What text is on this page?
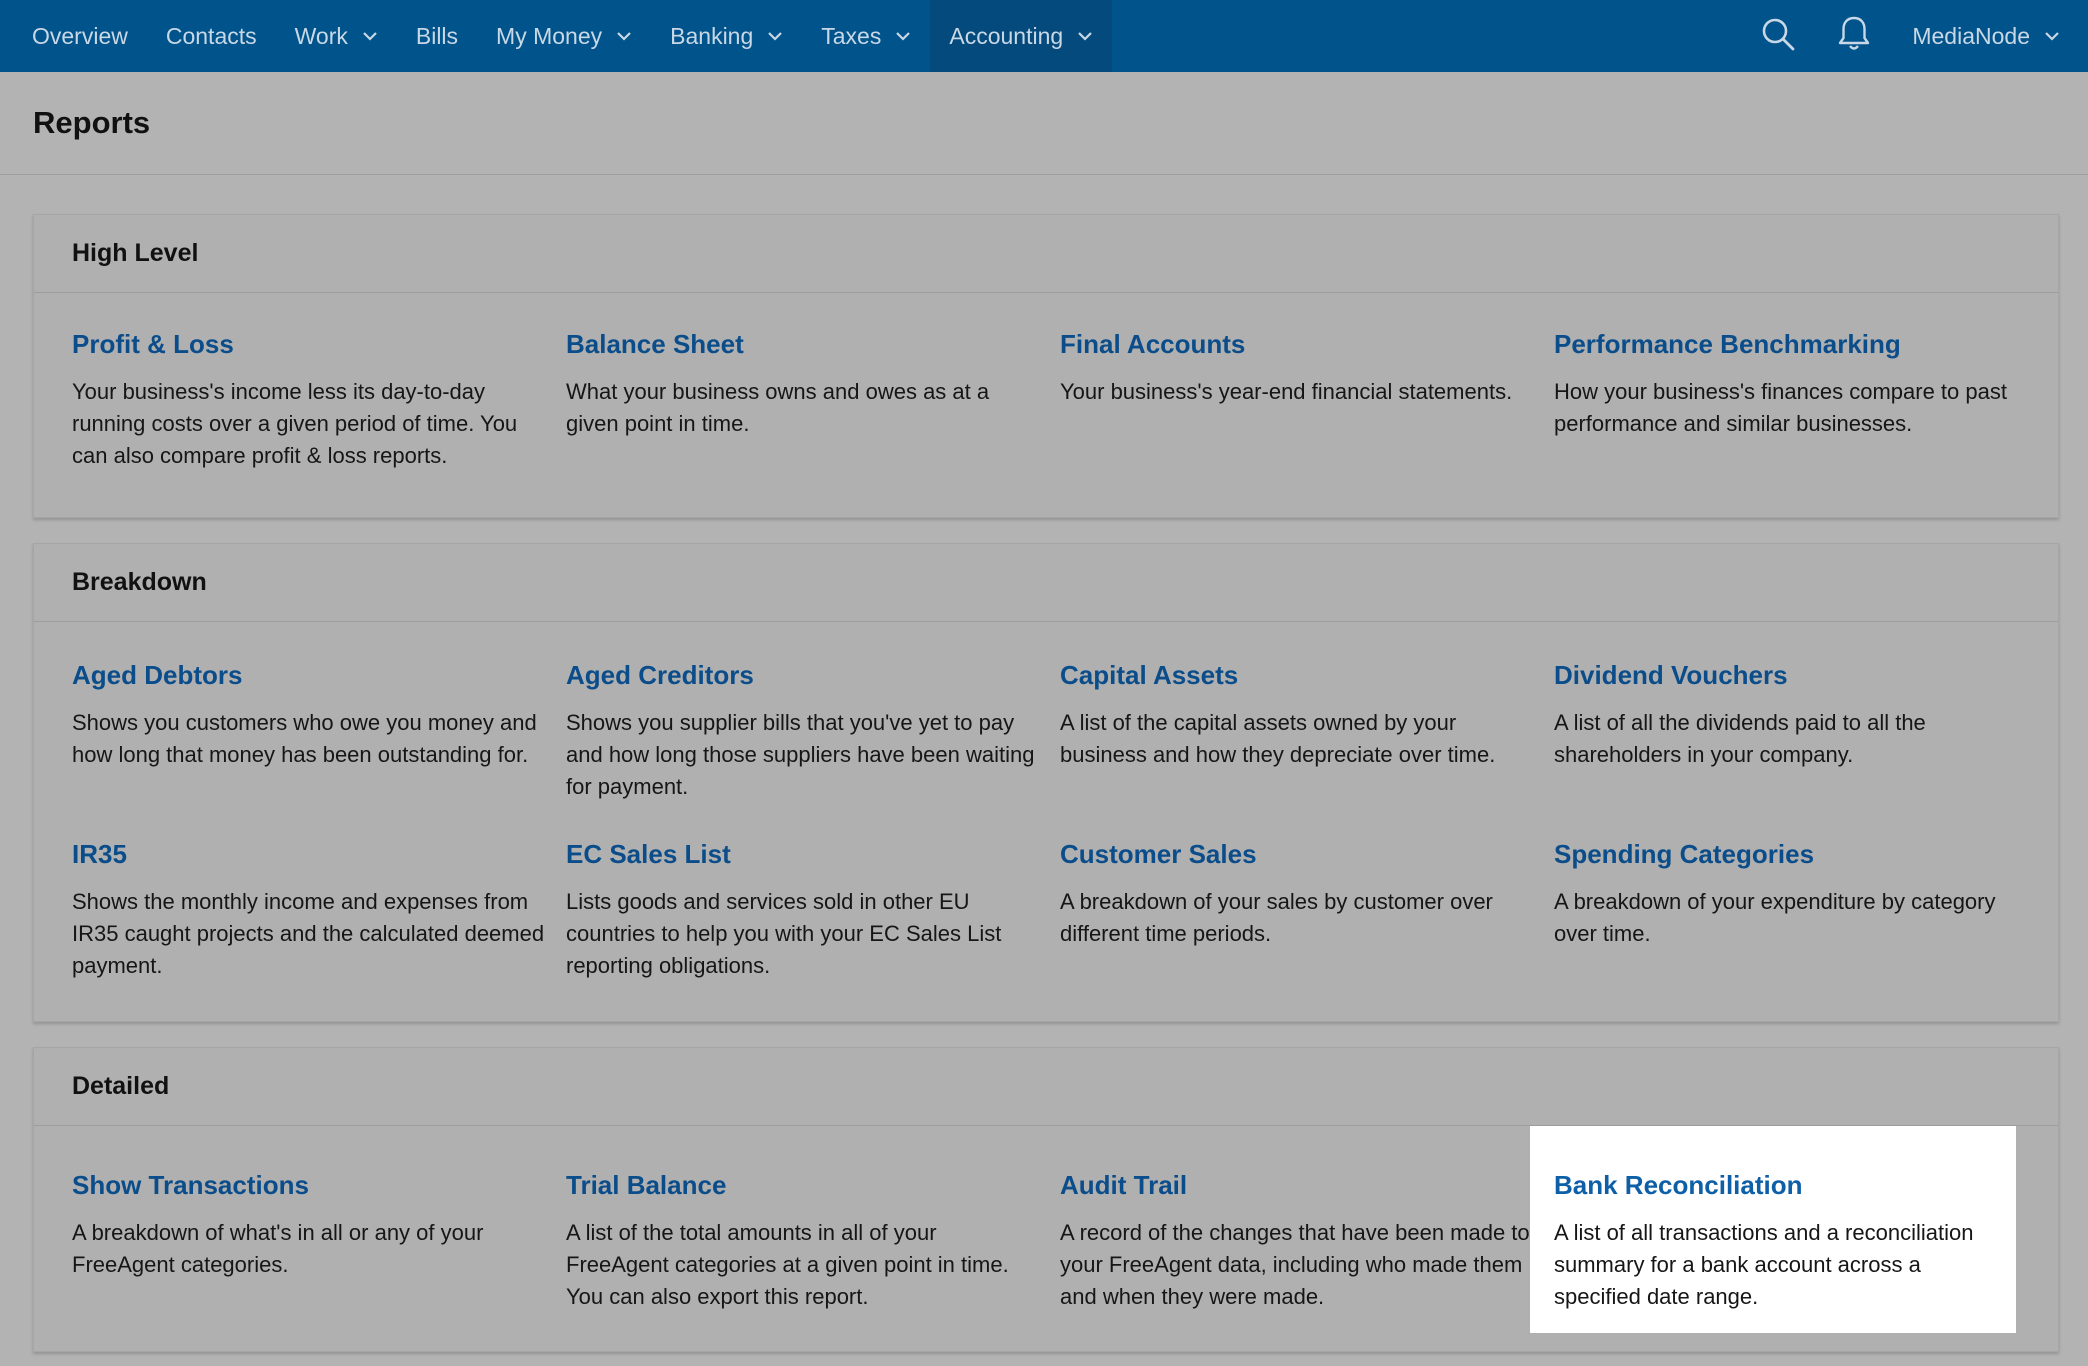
Overview Contacts Work	Bills My Money	Banking	Taxes	Accounting	MediaNode
Reports
High Level
Profit & Loss

Your business's income less its day-to-day running costs over a given period of time. You can also compare profit & loss reports.

Balance Sheet

What your business owns and owes as at a given point in time.

Final Accounts

Your business's year-end financial statements.

Performance Benchmarking

How your business's finances compare to past performance and similar businesses.

Breakdown
Aged Debtors

Shows you customers who owe you money and how long that money has been outstanding for.

Aged Creditors

Shows you supplier bills that you've yet to pay and how long those suppliers have been waiting for payment.

Capital Assets

A list of the capital assets owned by your business and how they depreciate over time.

Dividend Vouchers

A list of all the dividends paid to all the shareholders in your company.

IR35

Shows the monthly income and expenses from IR35 caught projects and the calculated deemed payment.

EC Sales List

Lists goods and services sold in other EU countries to help you with your EC Sales List reporting obligations.

Customer Sales

A breakdown of your sales by customer over different time periods.

Spending Categories

A breakdown of your expenditure by category over time.

Detailed
Show Transactions

A breakdown of what's in all or any of your FreeAgent categories.

Trial Balance

A list of the total amounts in all of your FreeAgent categories at a given point in time. You can also export this report.

Audit Trail

A record of the changes that have been made to your FreeAgent data, including who made them and when they were made.

Bank Reconciliation

A list of all transactions and a reconciliation summary for a bank account across a specified date range.
